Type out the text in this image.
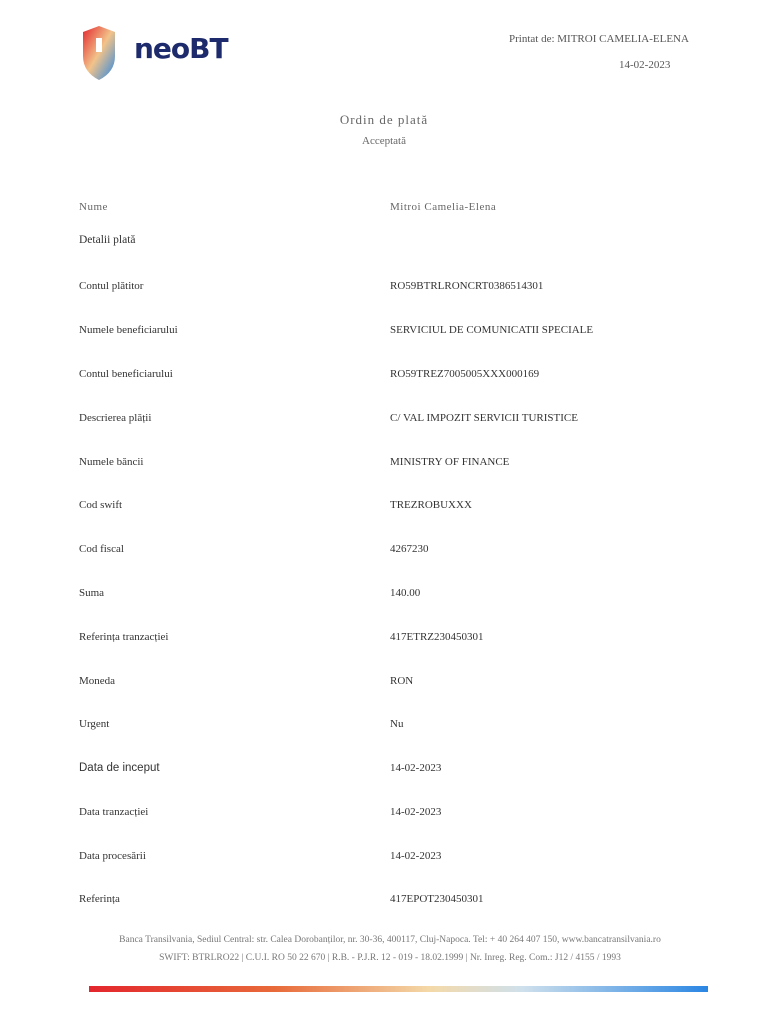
neoBT	Printat de: MITROI CAMELIA-ELENA
14-02-2023
Ordin de plată
Acceptată
Nume	Mitroi Camelia-Elena
Detalii plată
Contul plătitor	RO59BTRLRONCRT0386514301
Numele beneficiarului	SERVICIUL DE COMUNICATII SPECIALE
Contul beneficiarului	RO59TREZ7005005XXX000169
Descrierea plății	C/ VAL IMPOZIT SERVICII TURISTICE
Numele băncii	MINISTRY OF FINANCE
Cod swift	TREZROBUXXX
Cod fiscal	4267230
Suma	140.00
Referința tranzacției	417ETRZ230450301
Moneda	RON
Urgent	Nu
Data de inceput	14-02-2023
Data tranzacției	14-02-2023
Data procesării	14-02-2023
Referința	417EPOT230450301
Banca Transilvania, Sediul Central: str. Calea Dorobanților, nr. 30-36, 400117, Cluj-Napoca. Tel: + 40 264 407 150, www.bancatransilvania.ro
SWIFT: BTRLRO22 | C.U.I. RO 50 22 670 | R.B. - P.J.R. 12 - 019 - 18.02.1999 | Nr. Inreg. Reg. Com.: J12 / 4155 / 1993
